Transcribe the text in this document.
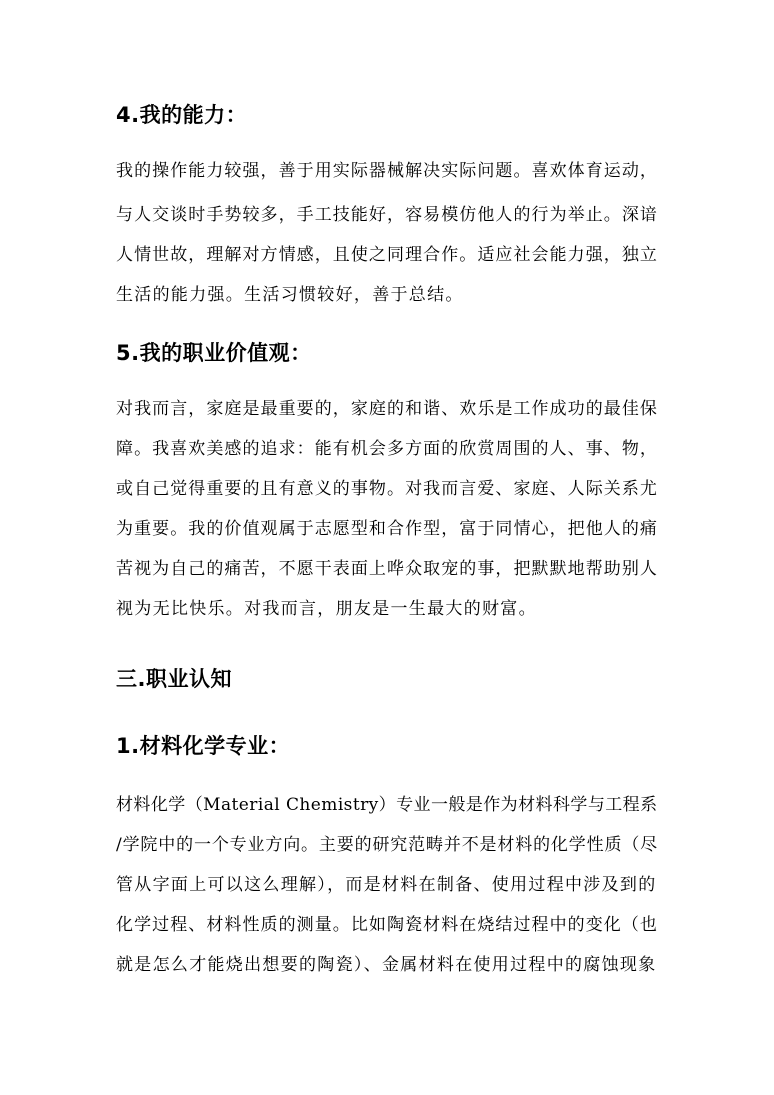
4.我的能力：
我的操作能力较强，善于用实际器械解决实际问题。喜欢体育运动，
与人交谈时手势较多，手工技能好，容易模仿他人的行为举止。深谙
人情世故，理解对方情感，且使之同理合作。适应社会能力强，独立
生活的能力强。生活习惯较好，善于总结。
5.我的职业价值观：
对我而言，家庭是最重要的，家庭的和谐、欢乐是工作成功的最佳保
障。我喜欢美感的追求：能有机会多方面的欣赏周围的人、事、物，
或自己觉得重要的且有意义的事物。对我而言爱、家庭、人际关系尤
为重要。我的价值观属于志愿型和合作型，富于同情心，把他人的痛
苦视为自己的痛苦，不愿干表面上哗众取宠的事，把默默地帮助别人
视为无比快乐。对我而言，朋友是一生最大的财富。
三.职业认知
1.材料化学专业：
材料化学（Material Chemistry）专业一般是作为材料科学与工程系
/学院中的一个专业方向。主要的研究范畴并不是材料的化学性质（尽
管从字面上可以这么理解），而是材料在制备、使用过程中涉及到的
化学过程、材料性质的测量。比如陶瓷材料在烧结过程中的变化（也
就是怎么才能烧出想要的陶瓷）、金属材料在使用过程中的腐蚀现象
